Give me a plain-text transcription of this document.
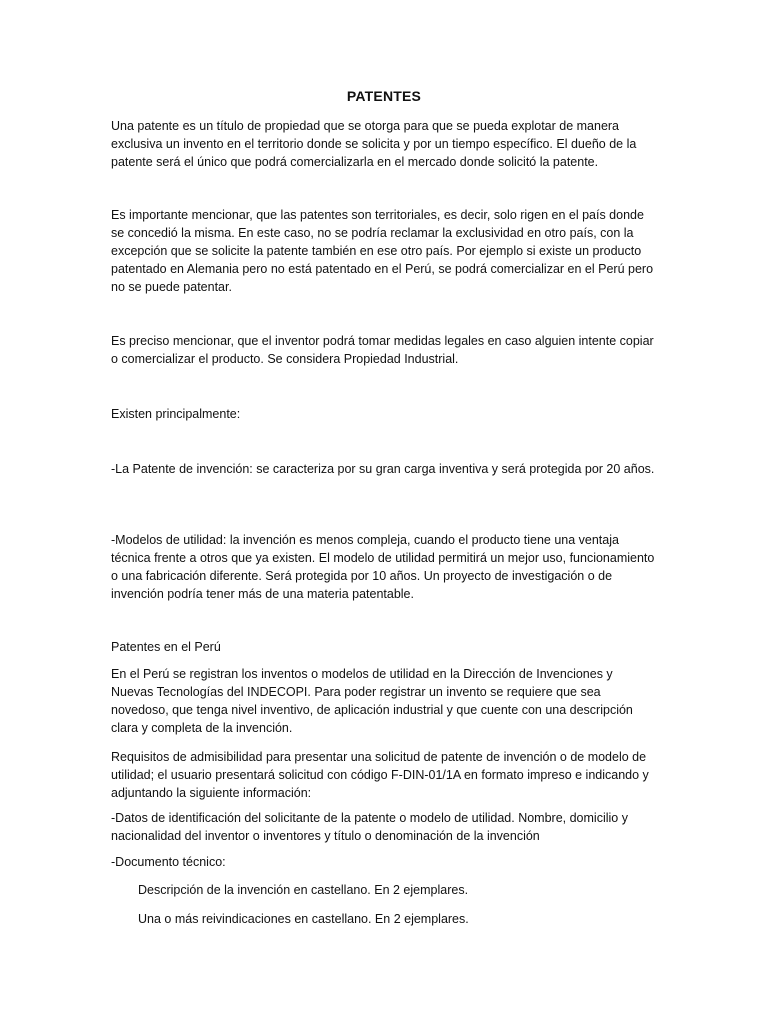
PATENTES

Una patente es un título de propiedad que se otorga para que se pueda explotar de manera exclusiva un invento en el territorio donde se solicita y por un tiempo específico. El dueño de la patente será el único que podrá comercializarla en el mercado donde solicitó la patente.

Es importante mencionar, que las patentes son territoriales, es decir, solo rigen en el país donde se concedió la misma. En este caso, no se podría reclamar la exclusividad en otro país, con la excepción que se solicite la patente también en ese otro país. Por ejemplo si existe un producto patentado en Alemania pero no está patentado en el Perú, se podrá comercializar en el Perú pero no se puede patentar.

Es preciso mencionar, que el inventor podrá tomar medidas legales en caso alguien intente copiar o comercializar el producto. Se considera Propiedad Industrial.

Existen principalmente:

-La Patente de invención: se caracteriza por su gran carga inventiva y será protegida por 20 años.

-Modelos de utilidad: la invención es menos compleja, cuando el producto tiene una ventaja técnica frente a otros que ya existen. El modelo de utilidad permitirá un mejor uso, funcionamiento o una fabricación diferente. Será protegida por 10 años. Un proyecto de investigación o de invención podría tener más de una materia patentable.

Patentes en el Perú

En el Perú se registran los inventos o modelos de utilidad en la Dirección de Invenciones y Nuevas Tecnologías del INDECOPI. Para poder registrar un invento se requiere que sea novedoso, que tenga nivel inventivo, de aplicación industrial y que cuente con una descripción clara y completa de la invención.

Requisitos de admisibilidad para presentar una solicitud de patente de invención o de modelo de utilidad; el usuario presentará solicitud con código F-DIN-01/1A en formato impreso e indicando y adjuntando la siguiente información:

-Datos de identificación del solicitante de la patente o modelo de utilidad. Nombre, domicilio y nacionalidad del inventor o inventores y título o denominación de la invención

-Documento técnico:

Descripción de la invención en castellano. En 2 ejemplares.

Una o más reivindicaciones en castellano. En 2 ejemplares.
